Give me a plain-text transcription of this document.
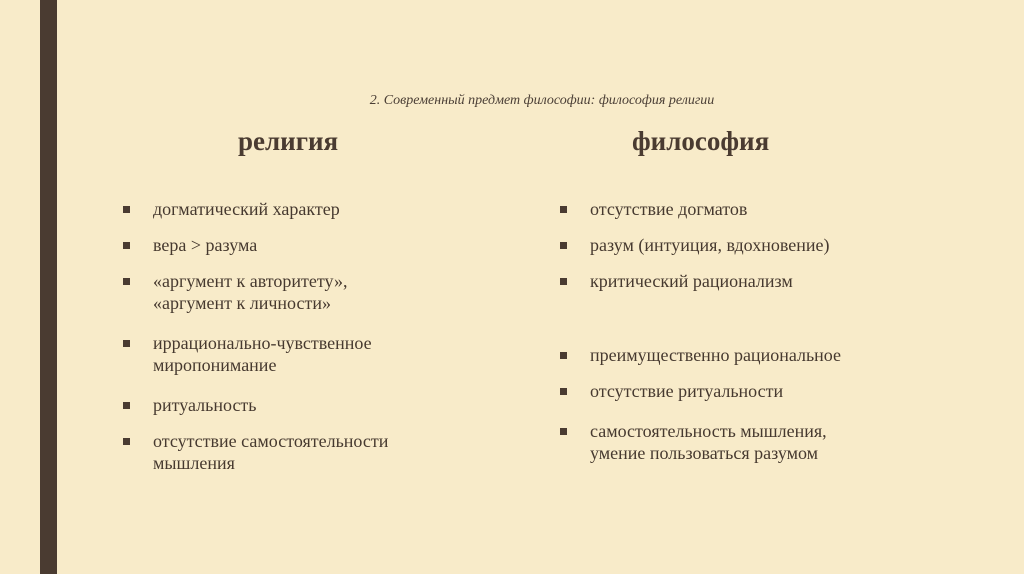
2. Современный предмет философии: философия религии
религия	философия
догматический характер
вера > разума
«аргумент к авторитету»,
«аргумент к личности»
иррационально-чувственное
миропонимание
ритуальность
отсутствие самостоятельности
мышления
отсутствие догматов
разум (интуиция, вдохновение)
критический рационализм
преимущественно рациональное
отсутствие ритуальности
самостоятельность мышления,
умение пользоваться разумом
